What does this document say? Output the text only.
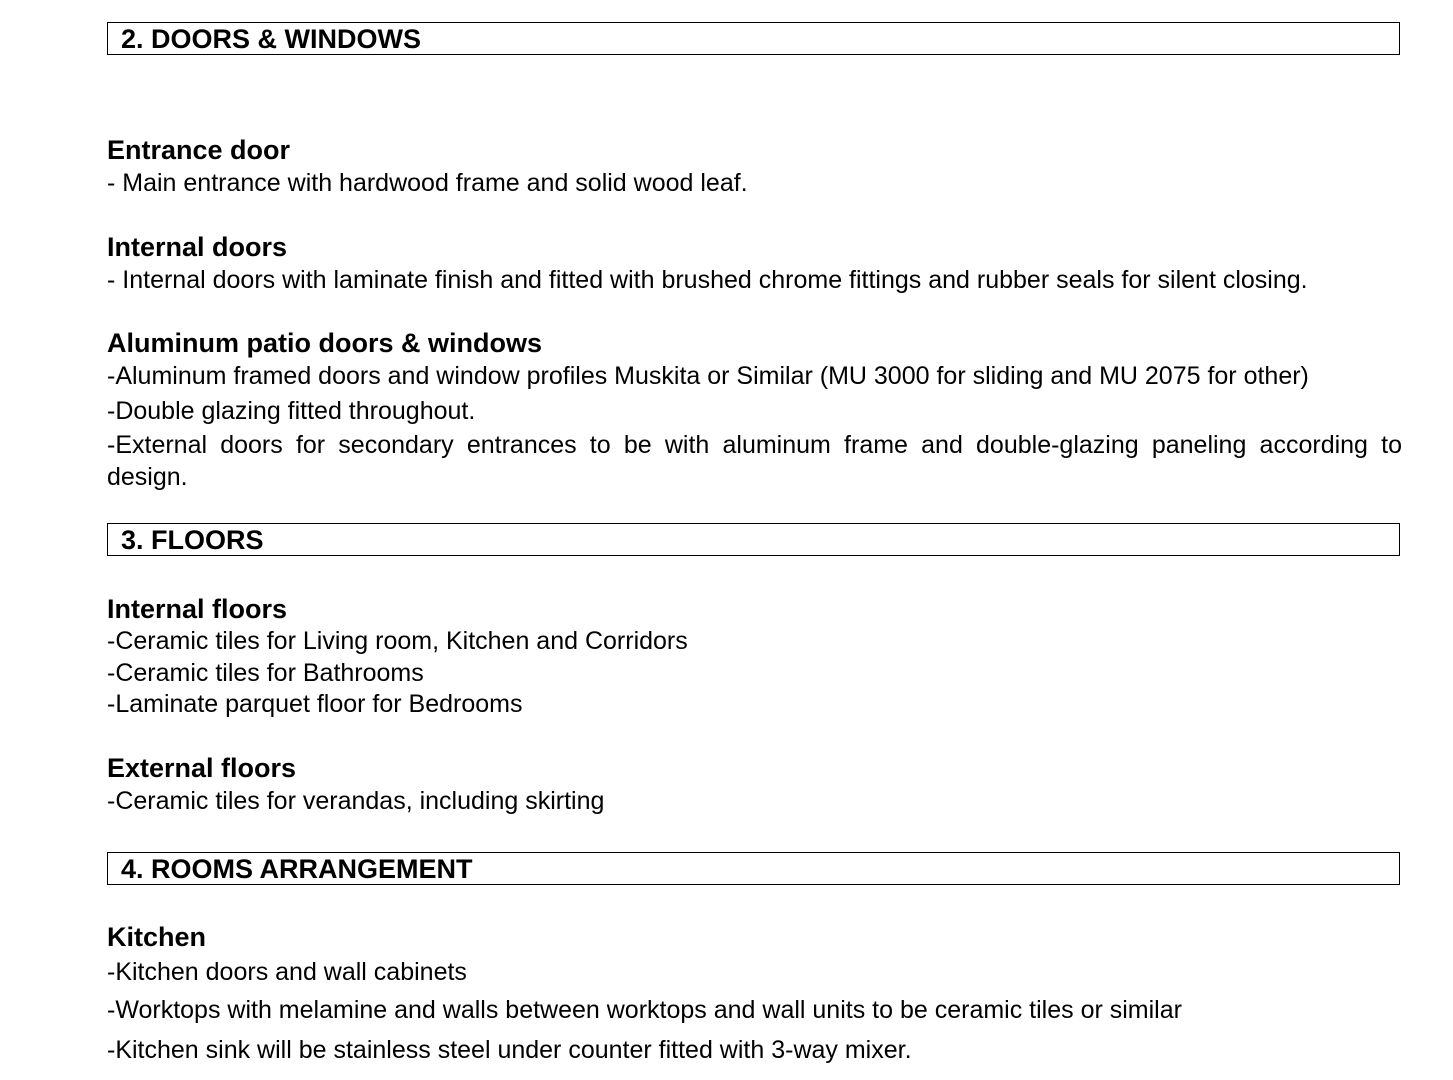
2. DOORS & WINDOWS
Entrance door
- Main entrance with hardwood frame and solid wood leaf.
Internal doors
- Internal doors with laminate finish and fitted with brushed chrome fittings and rubber seals for silent closing.
Aluminum patio doors & windows
-Aluminum framed doors and window profiles Muskita or Similar (MU 3000 for sliding and MU 2075 for other)
-Double glazing fitted throughout.
-External doors for secondary entrances to be with aluminum frame and double-glazing paneling according to design.
3. FLOORS
Internal floors
-Ceramic tiles for Living room, Kitchen and Corridors
-Ceramic tiles for Bathrooms
-Laminate parquet floor for Bedrooms
External floors
-Ceramic tiles for verandas, including skirting
4. ROOMS ARRANGEMENT
Kitchen
-Kitchen doors and wall cabinets
-Worktops with melamine and walls between worktops and wall units to be ceramic tiles or similar
-Kitchen sink will be stainless steel under counter fitted with 3-way mixer.
